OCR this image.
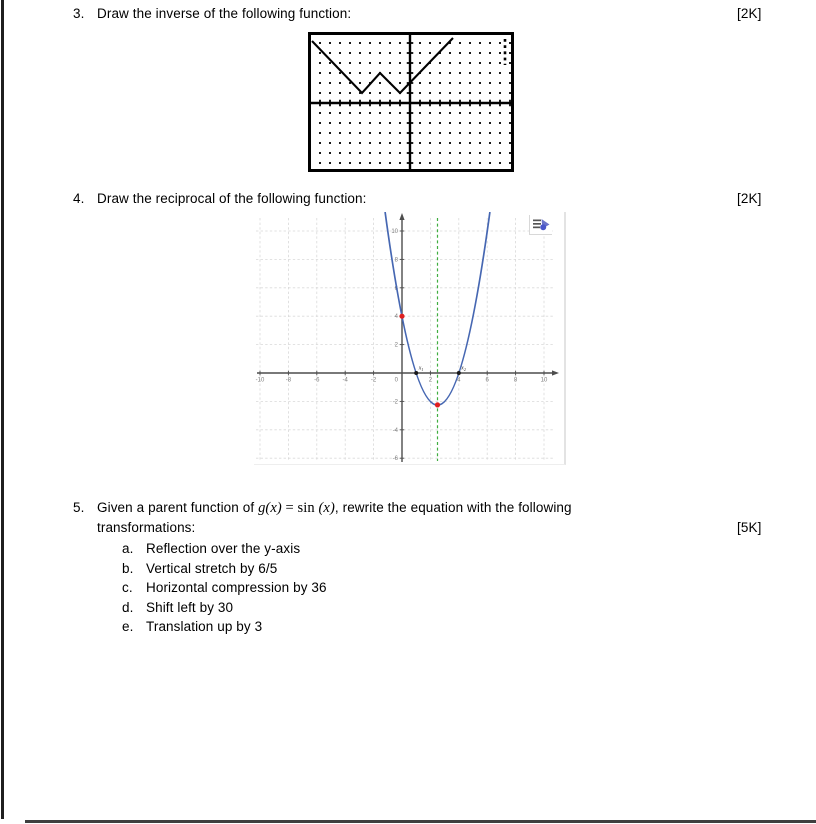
3. Draw the inverse of the following function:	[2K]
4. Draw the reciprocal of the following function:	[2K]
-10	-8	-6	-4	-2	2	4	6	8	10
-6
-4
-2
2
4
6
8
10
0
$x_1$	$x_2$
5. Given a parent function of g(x) = sin (x), rewrite the equation with the following
transformations:	[5K]
a. Reflection over the y-axis
b. Vertical stretch by 6/5
c. Horizontal compression by 36
d. Shift left by 30
e. Translation up by 3
